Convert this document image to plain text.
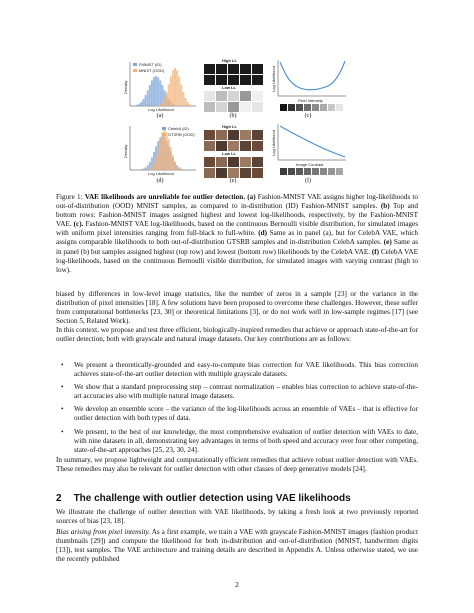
FMNIST (ID)
MNIST (OOD)
Log Likelihood
Density
(a)
High LL
Low LL
(b)
Log Likelihood
Pixel Intensity
(c)
CelebA (ID)
GTSRB (OOD)
Log Likelihood
Density
(d)
High LL
Low LL
(e)
Log Likelihood
Image Contrast
(f)
Figure 1: VAE likelihoods are unreliable for outlier detection. (a) Fashion-MNIST VAE assigns higher log-likelihoods to out-of-distribution (OOD) MNIST samples, as compared to in-distribution (ID) Fashion-MNIST samples. (b) Top and bottom rows: Fashion-MNIST images assigned highest and lowest log-likelihoods, respectively, by the Fashion-MNIST VAE. (c). Fashion-MNIST VAE log-likelihoods, based on the continuous Bernoulli visible distribution, for simulated images with uniform pixel intensities ranging from full-black to full-white. (d) Same as in panel (a), but for CelebA VAE, which assigns comparable likelihoods to both out-of-distribution GTSRB samples and in-distribution CelebA samples. (e) Same as in panel (b) but samples assigned highest (top row) and lowest (bottom row) likelihoods by the CelebA VAE. (f) CelebA VAE log-likelihoods, based on the continuous Bernoulli visible distribution, for simulated images with varying contrast (high to low).

biased by differences in low-level image statistics, like the number of zeros in a sample [23] or the variance in the distribution of pixel intensities [18]. A few solutions have been proposed to overcome these challenges. However, these suffer from computational bottlenecks [23, 30] or theoretical limitations [3], or do not work well in low-sample regimes [17] (see Section 5, Related Work).

In this context, we propose and test three efficient, biologically-inspired remedies that achieve or approach state-of-the-art for outlier detection, both with grayscale and natural image datasets. Our key contributions are as follows:

• We present a theoretically-grounded and easy-to-compute bias correction for VAE likelihoods. This bias correction achieves state-of-the-art outlier detection with multiple grayscale datasets.
• We show that a standard preprocessing step – contrast normalization – enables bias correction to achieve state-of-the-art accuracies also with multiple natural image datasets.
• We develop an ensemble score – the variance of the log-likelihoods across an ensemble of VAEs – that is effective for outlier detection with both types of data.
• We present, to the best of our knowledge, the most comprehensive evaluation of outlier detection with VAEs to date, with nine datasets in all, demonstrating key advantages in terms of both speed and accuracy over four other competing, state-of-the-art approaches [25, 23, 30, 24].

In summary, we propose lightweight and computationally efficient remedies that achieve robust outlier detection with VAEs. These remedies may also be relevant for outlier detection with other classes of deep generative models [24].

2 The challenge with outlier detection using VAE likelihoods

We illustrate the challenge of outlier detection with VAE likelihoods, by taking a fresh look at two previously reported sources of bias [23, 18].

Bias arising from pixel intensity. As a first example, we train a VAE with grayscale Fashion-MNIST images (fashion product thumbnails [29]) and compute the likelihood for both in-distribution and out-of-distribution (MNIST, handwritten digits [13]), test samples. The VAE architecture and training details are described in Appendix A. Unless otherwise stated, we use the recently published

2
